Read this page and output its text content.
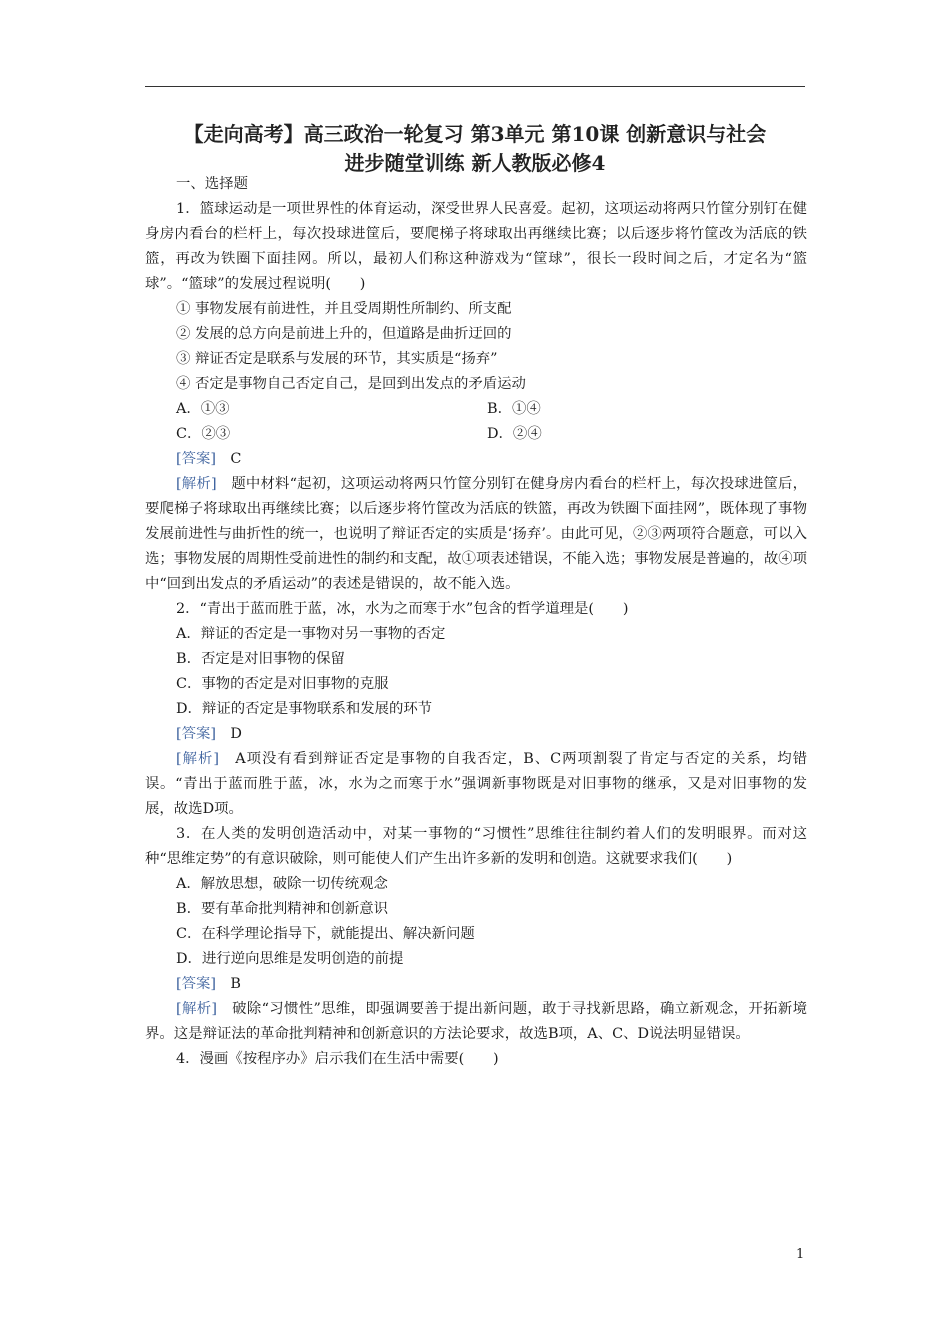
【走向高考】高三政治一轮复习 第3单元 第10课 创新意识与社会
进步随堂训练 新人教版必修4

一、选择题

1．篮球运动是一项世界性的体育运动，深受世界人民喜爱。起初，这项运动将两只竹筐分别钉在健身房内看台的栏杆上，每次投球进筐后，要爬梯子将球取出再继续比赛；以后逐步将竹筐改为活底的铁篮，再改为铁圈下面挂网。所以，最初人们称这种游戏为“筐球”，很长一段时间之后，才定名为“篮球”。“篮球”的发展过程说明(　　)

① 事物发展有前进性，并且受周期性所制约、所支配

② 发展的总方向是前进上升的，但道路是曲折迂回的

③ 辩证否定是联系与发展的环节，其实质是“扬弃”

④ 否定是事物自己否定自己，是回到出发点的矛盾运动

A．①③	B．①④
C．②③	D．②④

[答案]　C

[解析]　题中材料“起初，这项运动将两只竹筐分别钉在健身房内看台的栏杆上，每次投球进筐后，要爬梯子将球取出再继续比赛；以后逐步将竹筐改为活底的铁篮，再改为铁圈下面挂网”，既体现了事物发展前进性与曲折性的统一，也说明了辩证否定的实质是‘扬弃’。由此可见，②③两项符合题意，可以入选；事物发展的周期性受前进性的制约和支配，故①项表述错误，不能入选；事物发展是普遍的，故④项中“回到出发点的矛盾运动”的表述是错误的，故不能入选。

2．“青出于蓝而胜于蓝，冰，水为之而寒于水”包含的哲学道理是(　　)

A．辩证的否定是一事物对另一事物的否定

B．否定是对旧事物的保留

C．事物的否定是对旧事物的克服

D．辩证的否定是事物联系和发展的环节

[答案]　D

[解析]　A项没有看到辩证否定是事物的自我否定，B、C两项割裂了肯定与否定的关系，均错误。“青出于蓝而胜于蓝，冰，水为之而寒于水”强调新事物既是对旧事物的继承，又是对旧事物的发展，故选D项。

3．在人类的发明创造活动中，对某一事物的“习惯性”思维往往制约着人们的发明眼界。而对这种“思维定势”的有意识破除，则可能使人们产生出许多新的发明和创造。这就要求我们(　　)

A．解放思想，破除一切传统观念

B．要有革命批判精神和创新意识

C．在科学理论指导下，就能提出、解决新问题

D．进行逆向思维是发明创造的前提

[答案]　B

[解析]　破除“习惯性”思维，即强调要善于提出新问题，敢于寻找新思路，确立新观念，开拓新境界。这是辩证法的革命批判精神和创新意识的方法论要求，故选B项，A、C、D说法明显错误。

4．漫画《按程序办》启示我们在生活中需要(　　)

1
